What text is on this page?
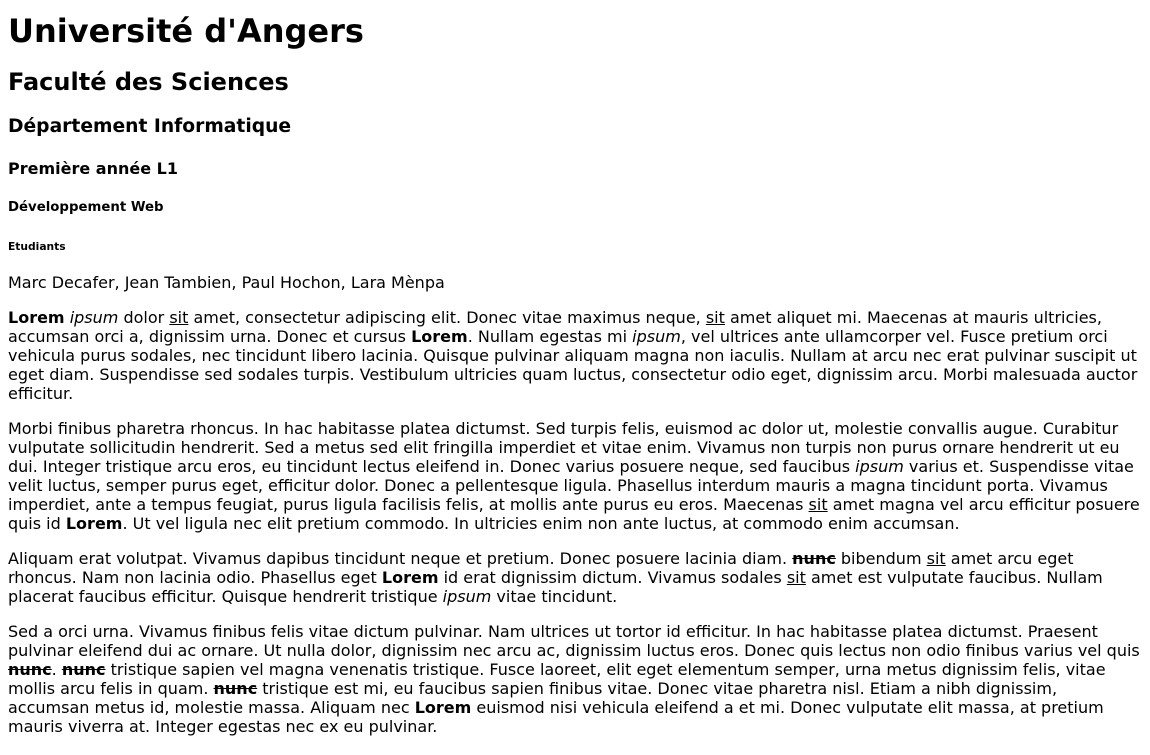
Université d'Angers
Faculté des Sciences
Département Informatique
Première année L1
Développement Web
Etudiants

Marc Decafer, Jean Tambien, Paul Hochon, Lara Mènpa

Lorem ipsum dolor sit amet, consectetur adipiscing elit. Donec vitae maximus neque, sit amet aliquet mi. Maecenas at mauris ultricies, accumsan orci a, dignissim urna. Donec et cursus Lorem. Nullam egestas mi ipsum, vel ultrices ante ullamcorper vel. Fusce pretium orci vehicula purus sodales, nec tincidunt libero lacinia. Quisque pulvinar aliquam magna non iaculis. Nullam at arcu nec erat pulvinar suscipit ut eget diam. Suspendisse sed sodales turpis. Vestibulum ultricies quam luctus, consectetur odio eget, dignissim arcu. Morbi malesuada auctor efficitur.

Morbi finibus pharetra rhoncus. In hac habitasse platea dictumst. Sed turpis felis, euismod ac dolor ut, molestie convallis augue. Curabitur vulputate sollicitudin hendrerit. Sed a metus sed elit fringilla imperdiet et vitae enim. Vivamus non turpis non purus ornare hendrerit ut eu dui. Integer tristique arcu eros, eu tincidunt lectus eleifend in. Donec varius posuere neque, sed faucibus ipsum varius et. Suspendisse vitae velit luctus, semper purus eget, efficitur dolor. Donec a pellentesque ligula. Phasellus interdum mauris a magna tincidunt porta. Vivamus imperdiet, ante a tempus feugiat, purus ligula facilisis felis, at mollis ante purus eu eros. Maecenas sit amet magna vel arcu efficitur posuere quis id Lorem. Ut vel ligula nec elit pretium commodo. In ultricies enim non ante luctus, at commodo enim accumsan.

Aliquam erat volutpat. Vivamus dapibus tincidunt neque et pretium. Donec posuere lacinia diam. nunc bibendum sit amet arcu eget rhoncus. Nam non lacinia odio. Phasellus eget Lorem id erat dignissim dictum. Vivamus sodales sit amet est vulputate faucibus. Nullam placerat faucibus efficitur. Quisque hendrerit tristique ipsum vitae tincidunt.

Sed a orci urna. Vivamus finibus felis vitae dictum pulvinar. Nam ultrices ut tortor id efficitur. In hac habitasse platea dictumst. Praesent pulvinar eleifend dui ac ornare. Ut nulla dolor, dignissim nec arcu ac, dignissim luctus eros. Donec quis lectus non odio finibus varius vel quis nunc. nunc tristique sapien vel magna venenatis tristique. Fusce laoreet, elit eget elementum semper, urna metus dignissim felis, vitae mollis arcu felis in quam. nunc tristique est mi, eu faucibus sapien finibus vitae. Donec vitae pharetra nisl. Etiam a nibh dignissim, accumsan metus id, molestie massa. Aliquam nec Lorem euismod nisi vehicula eleifend a et mi. Donec vulputate elit massa, at pretium mauris viverra at. Integer egestas nec ex eu pulvinar.
